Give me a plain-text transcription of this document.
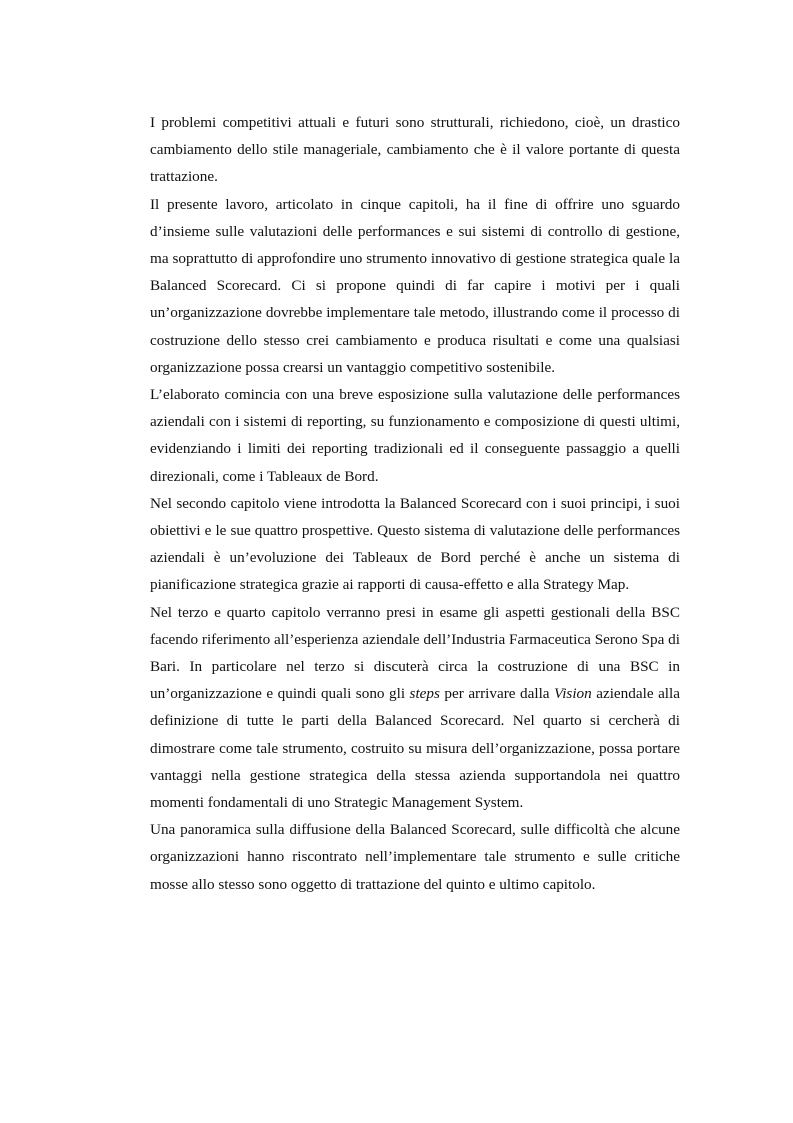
I problemi competitivi attuali e futuri sono strutturali, richiedono, cioè, un drastico cambiamento dello stile manageriale, cambiamento che è il valore portante di questa trattazione.

Il presente lavoro, articolato in cinque capitoli, ha il fine di offrire uno sguardo d’insieme sulle valutazioni delle performances e sui sistemi di controllo di gestione, ma soprattutto di approfondire uno strumento innovativo di gestione strategica quale la Balanced Scorecard. Ci si propone quindi di far capire i motivi per i quali un’organizzazione dovrebbe implementare tale metodo, illustrando come il processo di costruzione dello stesso crei cambiamento e produca risultati e come una qualsiasi organizzazione possa crearsi un vantaggio competitivo sostenibile.

L’elaborato comincia con una breve esposizione sulla valutazione delle performances aziendali con i sistemi di reporting, su funzionamento e composizione di questi ultimi, evidenziando i limiti dei reporting tradizionali ed il conseguente passaggio a quelli direzionali, come i Tableaux de Bord.

Nel secondo capitolo viene introdotta la Balanced Scorecard con i suoi principi, i suoi obiettivi e le sue quattro prospettive. Questo sistema di valutazione delle performances aziendali è un’evoluzione dei Tableaux de Bord perché è anche un sistema di pianificazione strategica grazie ai rapporti di causa-effetto e alla Strategy Map.

Nel terzo e quarto capitolo verranno presi in esame gli aspetti gestionali della BSC facendo riferimento all’esperienza aziendale dell’Industria Farmaceutica Serono Spa di Bari. In particolare nel terzo si discuterà circa la costruzione di una BSC in un’organizzazione e quindi quali sono gli steps per arrivare dalla Vision aziendale alla definizione di tutte le parti della Balanced Scorecard. Nel quarto si cercherà di dimostrare come tale strumento, costruito su misura dell’organizzazione, possa portare vantaggi nella gestione strategica della stessa azienda supportandola nei quattro momenti fondamentali di uno Strategic Management System.

Una panoramica sulla diffusione della Balanced Scorecard, sulle difficoltà che alcune organizzazioni hanno riscontrato nell’implementare tale strumento e sulle critiche mosse allo stesso sono oggetto di trattazione del quinto e ultimo capitolo.
